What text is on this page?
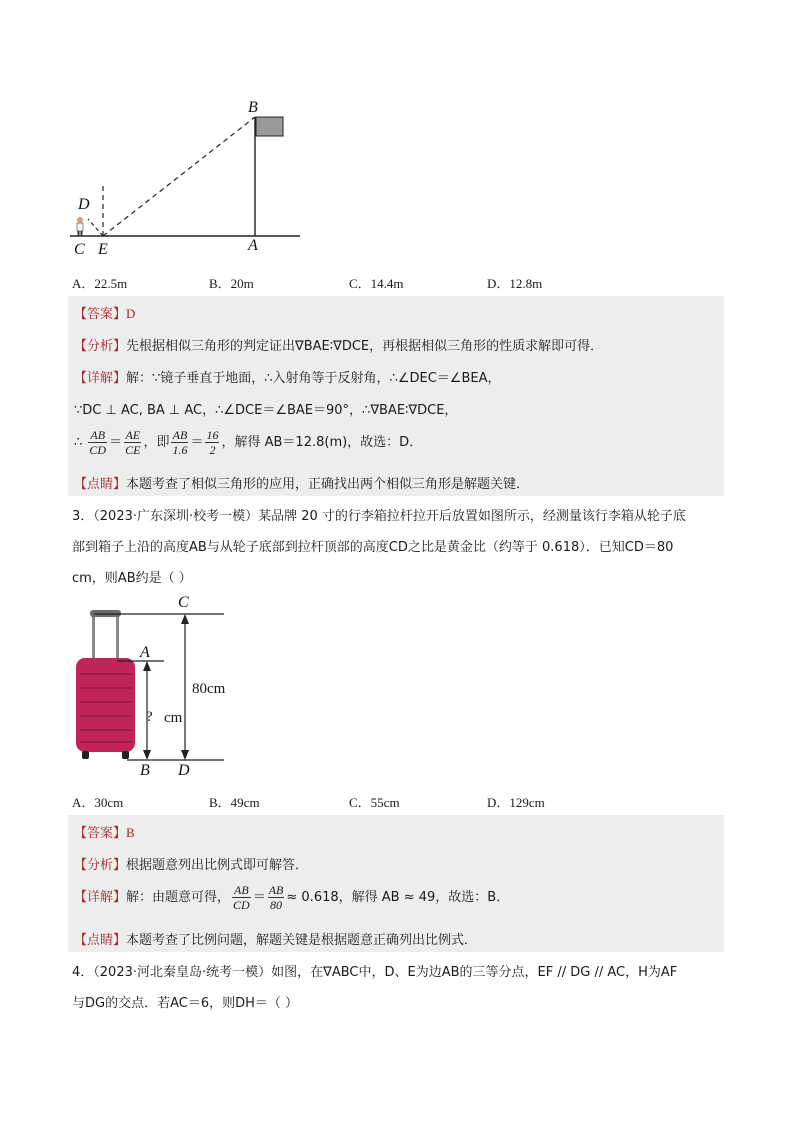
B
D
C E	A
A．22.5m	B．20m	C．14.4m	D．12.8m
【答案】D
【分析】先根据相似三角形的判定证出∇BAE∶∇DCE，再根据相似三角形的性质求解即可得．
【详解】解：∵镜子垂直于地面，∴入射角等于反射角，∴∠DEC＝∠BEA，
∵DC ⊥ AC, BA ⊥ AC，∴∠DCE＝∠BAE＝90°，∴∇BAE∶∇DCE，
∴ $\frac{AB}{CD} = \frac{AE}{CE}$ ，即 $\frac{AB}{1.6} = \frac{16}{2}$ ，解得 AB＝12.8(m)，故选：D．
【点睛】本题考查了相似三角形的应用，正确找出两个相似三角形是解题关键．
3．（2023·广东深圳·校考一模）某品牌 20 寸的行李箱拉杆拉开后放置如图所示，经测量该行李箱从轮子底
部到箱子上沿的高度AB与从轮子底部到拉杆顶部的高度CD之比是黄金比（约等于 0.618）．已知CD＝80
cm，则AB约是（ ）
C
A
B D
80cm
? cm
A．30cm	B．49cm	C．55cm	D．129cm
【答案】B
【分析】根据题意列出比例式即可解答．
【详解】解：由题意可得， $\frac{AB}{CD} = \frac{AB}{80} \approx 0.618$，解得 AB ≈ 49，故选：B．
【点睛】本题考查了比例问题，解题关键是根据题意正确列出比例式．
4．（2023·河北秦皇岛·统考一模）如图，在∇ABC中，D、E为边AB的三等分点，EF // DG // AC，H为AF
与DG的交点．若AC＝6，则DH＝（ ）
